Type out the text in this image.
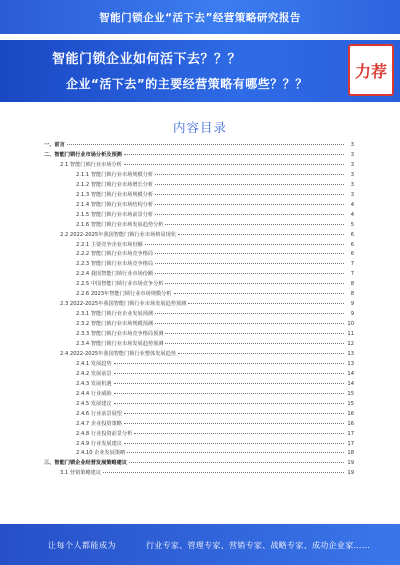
智能门锁企业“活下去”经营策略研究报告
智能门锁企业如何活下去？？？
企业“活下去”的主要经营策略有哪些？？？
力荐
内容目录
一、前言	3
二、智能门锁行业市场分析及预测	3
2.1 智能门锁行业市场分析	3
2.1.1 智能门锁行业市场规模分析	3
2.1.2 智能门锁行业市场增长分析	3
2.1.3 智能门锁行业市场规模分析	3
2.1.4 智能门锁行业市场结构分析	4
2.1.5 智能门锁行业市场前景分析	4
2.1.6 智能门锁行业市场发展趋势分析	5
2.2 2022-2025年我国智能门锁行业市场格局现状	6
2.2.1 主要竞争企业市场份额	6
2.2.2 智能门锁行业市场竞争格局	6
2.2.3 智能门锁行业市场竞争格局	7
2.2.4 我国智能门锁行业市场份额	7
2.2.5 中国智能门锁行业市场竞争分析	8
2.2.6 2023年智能门锁行业市场规模分析	8
2.3 2022-2025年我国智能门锁行业市场发展趋势预测	9
2.3.1 智能门锁行业企业发展预测	9
2.3.2 智能门锁行业市场规模预测	10
2.3.3 智能门锁行业市场竞争格局预测	11
2.3.4 智能门锁行业市场发展趋势预测	12
2.4 2022-2025年我国智能门锁行业整体发展趋势	13
2.4.1 发展趋势	13
2.4.2 发展前景	14
2.4.3 发展机遇	14
2.4.4 行业威胁	15
2.4.5 发展建议	15
2.4.6 行业前景展望	16
2.4.7 企业投资策略	16
2.4.8 行业投资前景分析	17
2.4.9 行业发展建议	17
2.4.10 企业发展策略	18
三、智能门锁企业经营发展策略建议	19
3.1 营销策略建议	19
让每个人都能成为	行业专家、管理专家、营销专家、战略专家、成功企业家……
